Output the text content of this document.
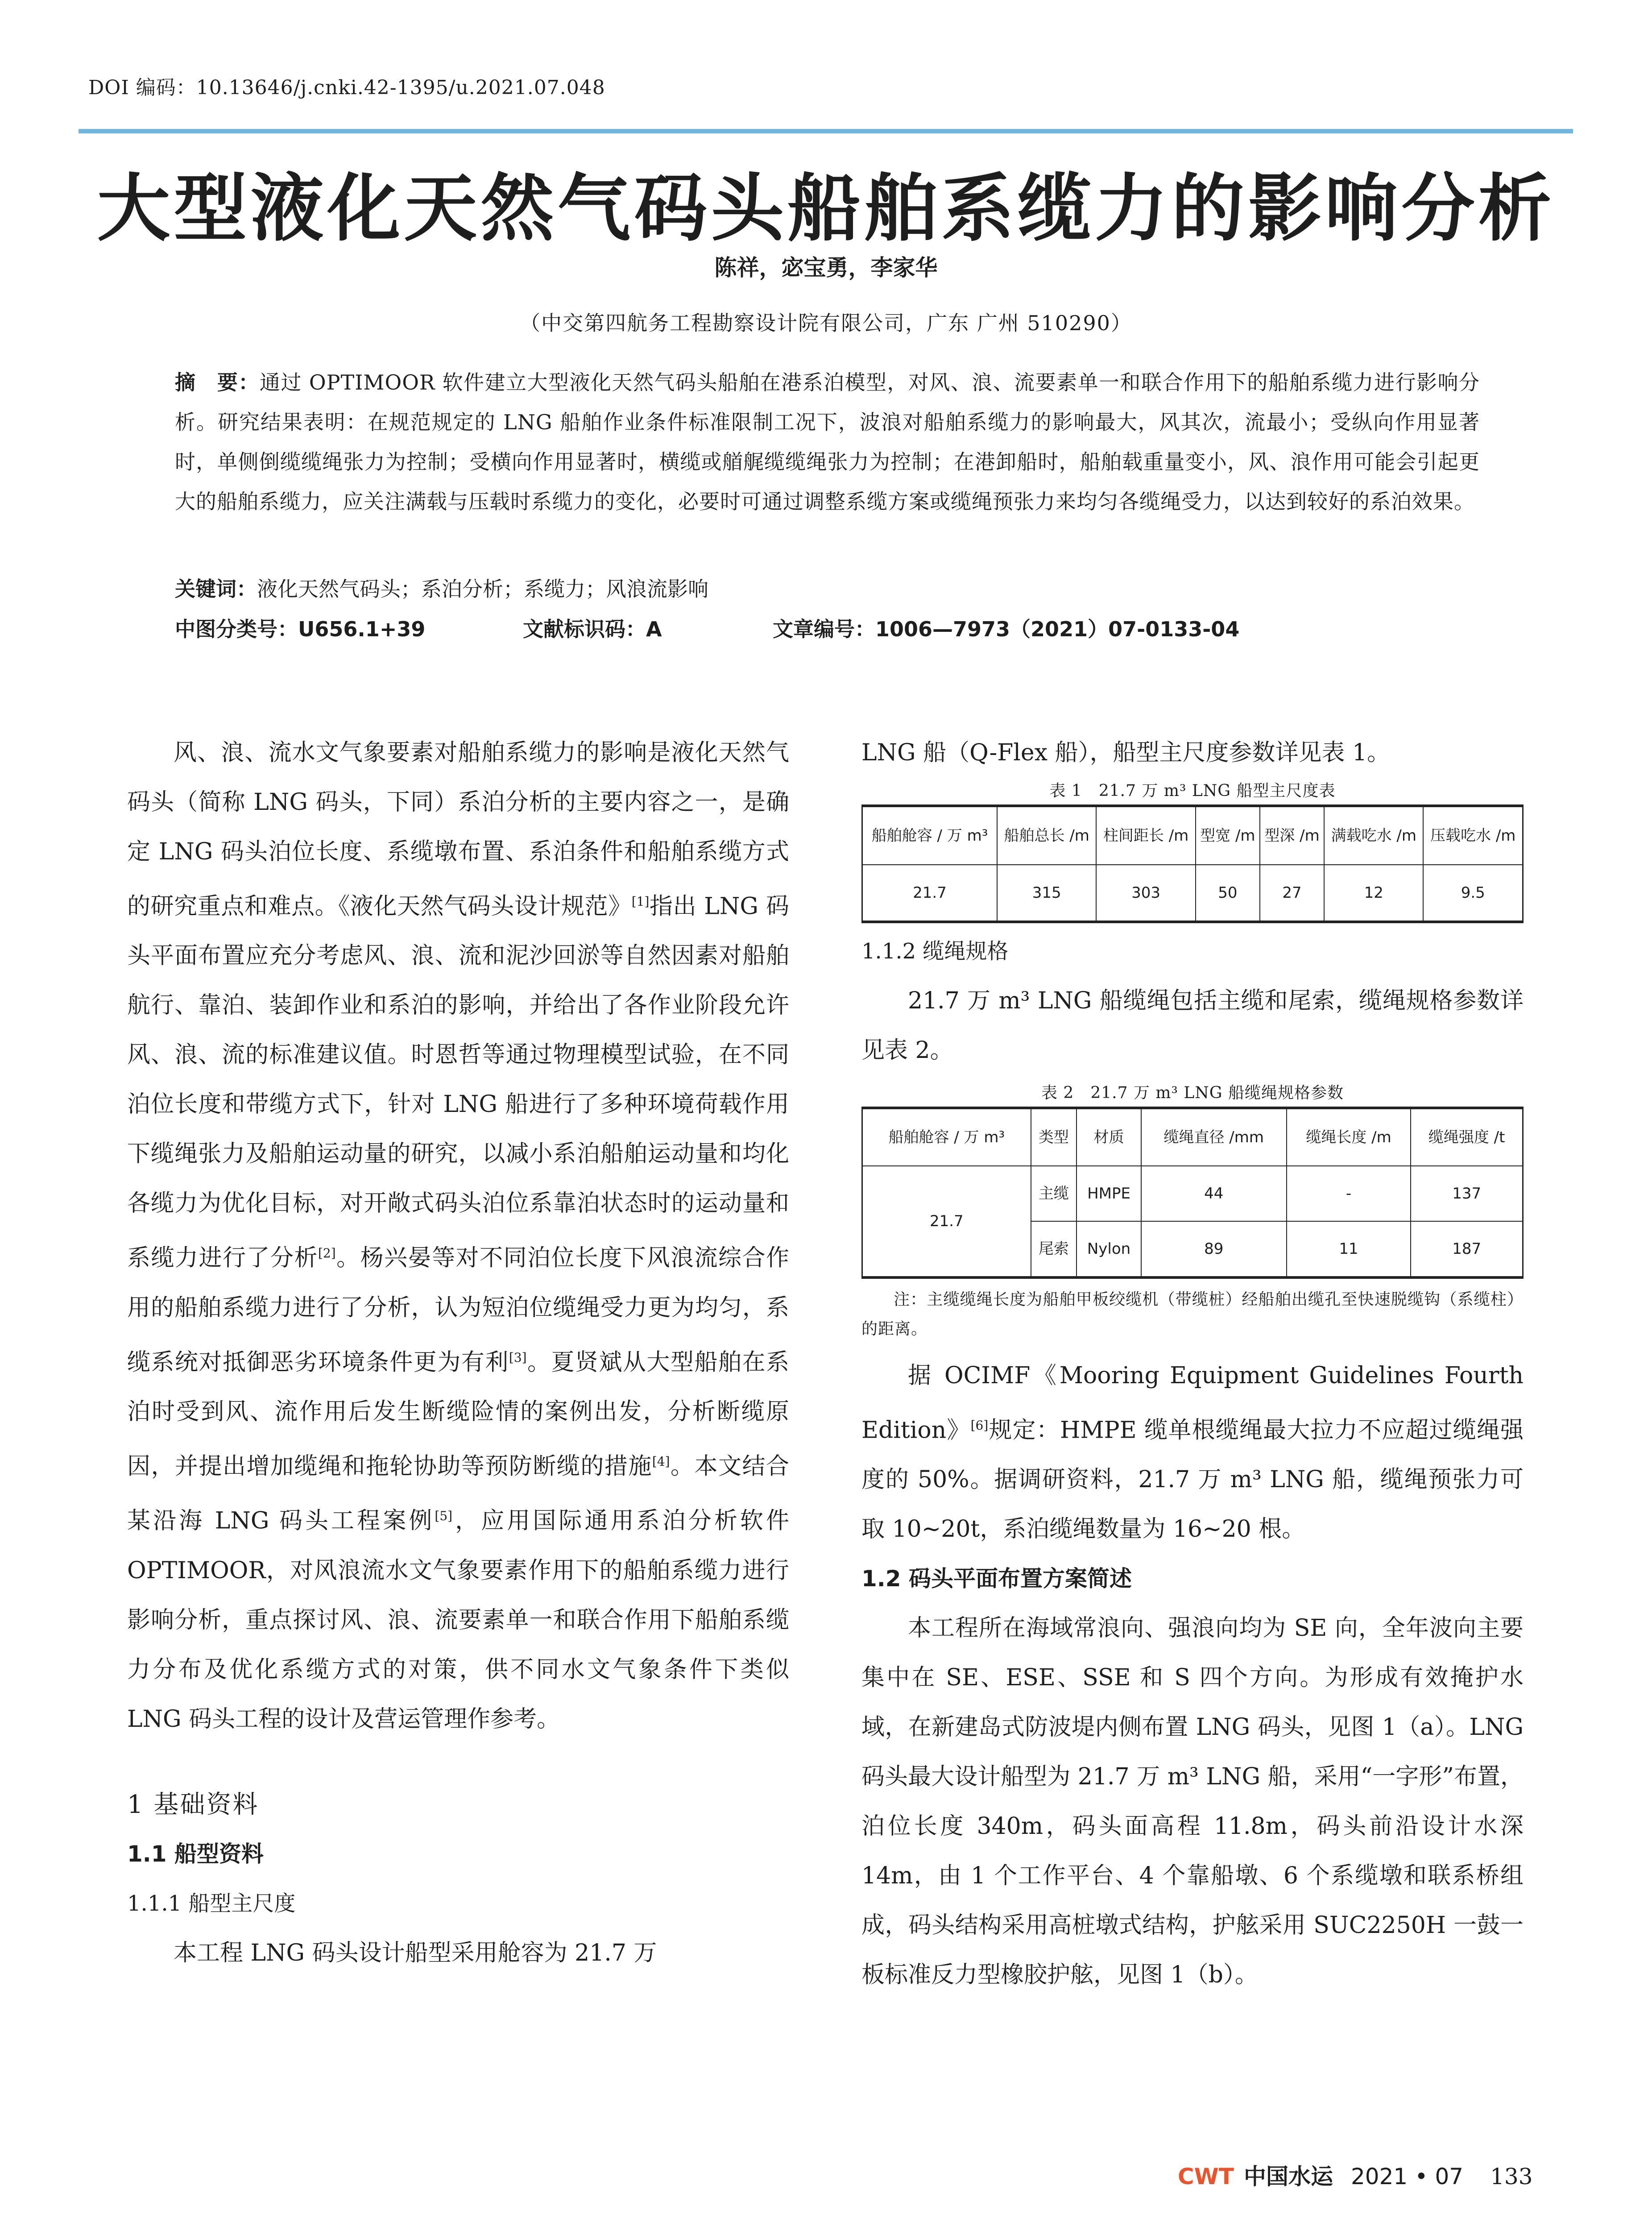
DOI 编码：10.13646/j.cnki.42-1395/u.2021.07.048
大型液化天然气码头船舶系缆力的影响分析
陈祥，宓宝勇，李家华
（中交第四航务工程勘察设计院有限公司，广东 广州 510290）
摘　要：通过 OPTIMOOR 软件建立大型液化天然气码头船舶在港系泊模型，对风、浪、流要素单一和联合作用下的船舶系缆力进行影响分析。研究结果表明：在规范规定的 LNG 船舶作业条件标准限制工况下，波浪对船舶系缆力的影响最大，风其次，流最小；受纵向作用显著时，单侧倒缆缆绳张力为控制；受横向作用显著时，横缆或艏艉缆缆绳张力为控制；在港卸船时，船舶载重量变小，风、浪作用可能会引起更大的船舶系缆力，应关注满载与压载时系缆力的变化，必要时可通过调整系缆方案或缆绳预张力来均匀各缆绳受力，以达到较好的系泊效果。
关键词：液化天然气码头；系泊分析；系缆力；风浪流影响
中图分类号：U656.1+39	文献标识码：A	文章编号：1006—7973（2021）07-0133-04

风、浪、流水文气象要素对船舶系缆力的影响是液化天然气码头（简称 LNG 码头，下同）系泊分析的主要内容之一，是确定 LNG 码头泊位长度、系缆墩布置、系泊条件和船舶系缆方式的研究重点和难点。《液化天然气码头设计规范》[1]指出 LNG 码头平面布置应充分考虑风、浪、流和泥沙回淤等自然因素对船舶航行、靠泊、装卸作业和系泊的影响，并给出了各作业阶段允许风、浪、流的标准建议值。时恩哲等通过物理模型试验，在不同泊位长度和带缆方式下，针对 LNG 船进行了多种环境荷载作用下缆绳张力及船舶运动量的研究，以减小系泊船舶运动量和均化各缆力为优化目标，对开敞式码头泊位系靠泊状态时的运动量和系缆力进行了分析[2]。杨兴晏等对不同泊位长度下风浪流综合作用的船舶系缆力进行了分析，认为短泊位缆绳受力更为均匀，系缆系统对抵御恶劣环境条件更为有利[3]。夏贤斌从大型船舶在系泊时受到风、流作用后发生断缆险情的案例出发，分析断缆原因，并提出增加缆绳和拖轮协助等预防断缆的措施[4]。本文结合某沿海 LNG 码头工程案例[5]，应用国际通用系泊分析软件 OPTIMOOR，对风浪流水文气象要素作用下的船舶系缆力进行影响分析，重点探讨风、浪、流要素单一和联合作用下船舶系缆力分布及优化系缆方式的对策，供不同水文气象条件下类似 LNG 码头工程的设计及营运管理作参考。

1 基础资料
1.1 船型资料
1.1.1 船型主尺度

本工程 LNG 码头设计船型采用舱容为 21.7 万

LNG 船（Q-Flex 船），船型主尺度参数详见表 1。
表 1　21.7 万 m³ LNG 船型主尺度表
船舶舱容 / 万 m³	船舶总长 /m	柱间距长 /m	型宽 /m	型深 /m	满载吃水 /m	压载吃水 /m
21.7	315	303	50	27	12	9.5
1.1.2 缆绳规格

21.7 万 m³ LNG 船缆绳包括主缆和尾索，缆绳规格参数详见表 2。

表 2　21.7 万 m³ LNG 船缆绳规格参数
船舶舱容 / 万 m³	类型	材质	缆绳直径 /mm	缆绳长度 /m	缆绳强度 /t
21.7	主缆	HMPE	44	-	137
	尾索	Nylon	89	11	187
注：主缆缆绳长度为船舶甲板绞缆机（带缆桩）经船舶出缆孔至快速脱缆钩（系缆柱）的距离。

据 OCIMF《Mooring Equipment Guidelines Fourth Edition》[6]规定：HMPE 缆单根缆绳最大拉力不应超过缆绳强度的 50%。据调研资料，21.7 万 m³ LNG 船，缆绳预张力可取 10~20t，系泊缆绳数量为 16~20 根。

1.2 码头平面布置方案简述

本工程所在海域常浪向、强浪向均为 SE 向，全年波向主要集中在 SE、ESE、SSE 和 S 四个方向。为形成有效掩护水域，在新建岛式防波堤内侧布置 LNG 码头，见图 1（a）。LNG 码头最大设计船型为 21.7 万 m³ LNG 船，采用“一字形”布置，泊位长度 340m，码头面高程 11.8m，码头前沿设计水深 14m，由 1 个工作平台、4 个靠船墩、6 个系缆墩和联系桥组成，码头结构采用高桩墩式结构，护舷采用 SUC2250H 一鼓一板标准反力型橡胶护舷，见图 1（b）。

CWT 中国水运 2021 • 07 133
